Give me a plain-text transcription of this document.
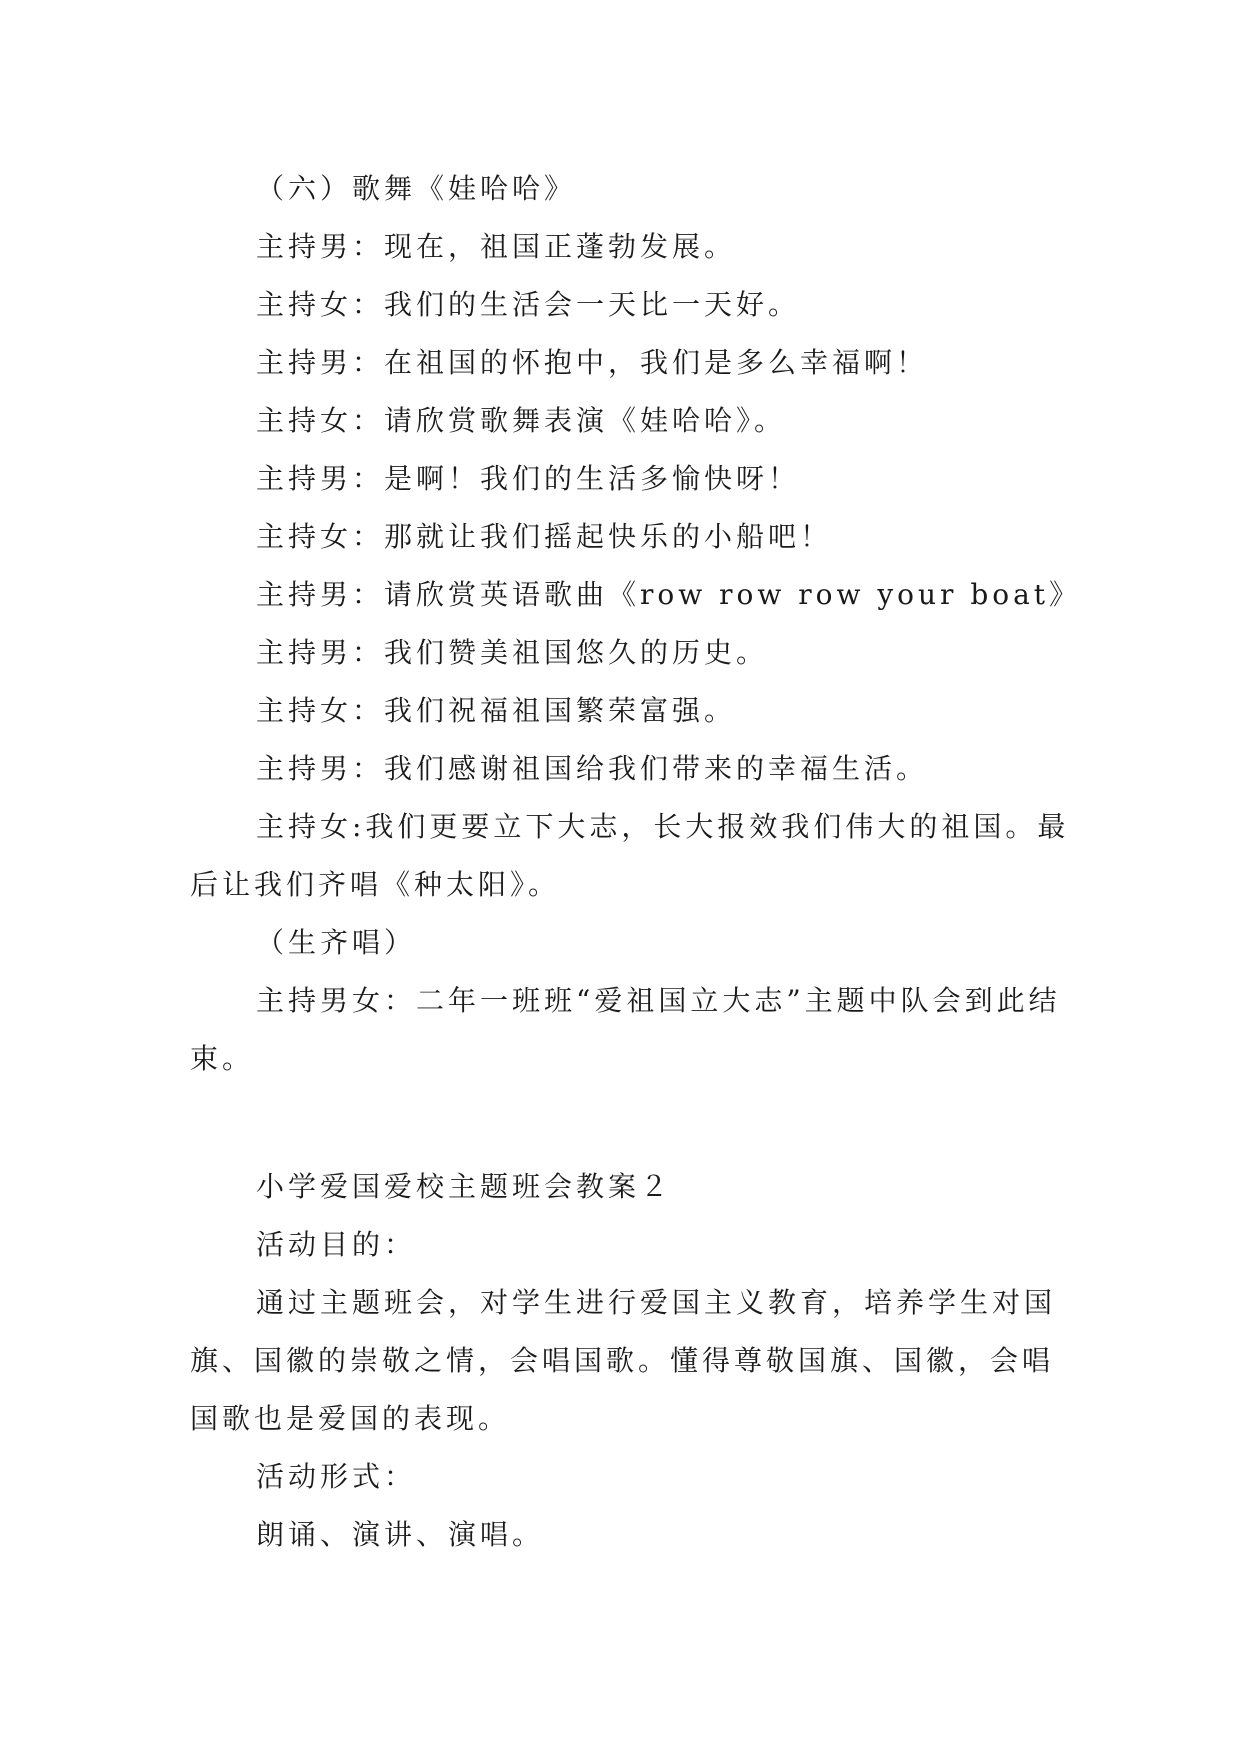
（六）歌舞《娃哈哈》

主持男：现在，祖国正蓬勃发展。

主持女：我们的生活会一天比一天好。

主持男：在祖国的怀抱中，我们是多么幸福啊！

主持女：请欣赏歌舞表演《娃哈哈》。

主持男：是啊！我们的生活多愉快呀！

主持女：那就让我们摇起快乐的小船吧！

主持男：请欣赏英语歌曲《row row row your boat》

主持男：我们赞美祖国悠久的历史。

主持女：我们祝福祖国繁荣富强。

主持男：我们感谢祖国给我们带来的幸福生活。

主持女:我们更要立下大志，长大报效我们伟大的祖国。最后让我们齐唱《种太阳》。

（生齐唱）

主持男女：二年一班班“爱祖国立大志”主题中队会到此结束。

小学爱国爱校主题班会教案２

活动目的：

通过主题班会，对学生进行爱国主义教育，培养学生对国旗、国徽的崇敬之情，会唱国歌。懂得尊敬国旗、国徽，会唱国歌也是爱国的表现。

活动形式：

朗诵、演讲、演唱。
